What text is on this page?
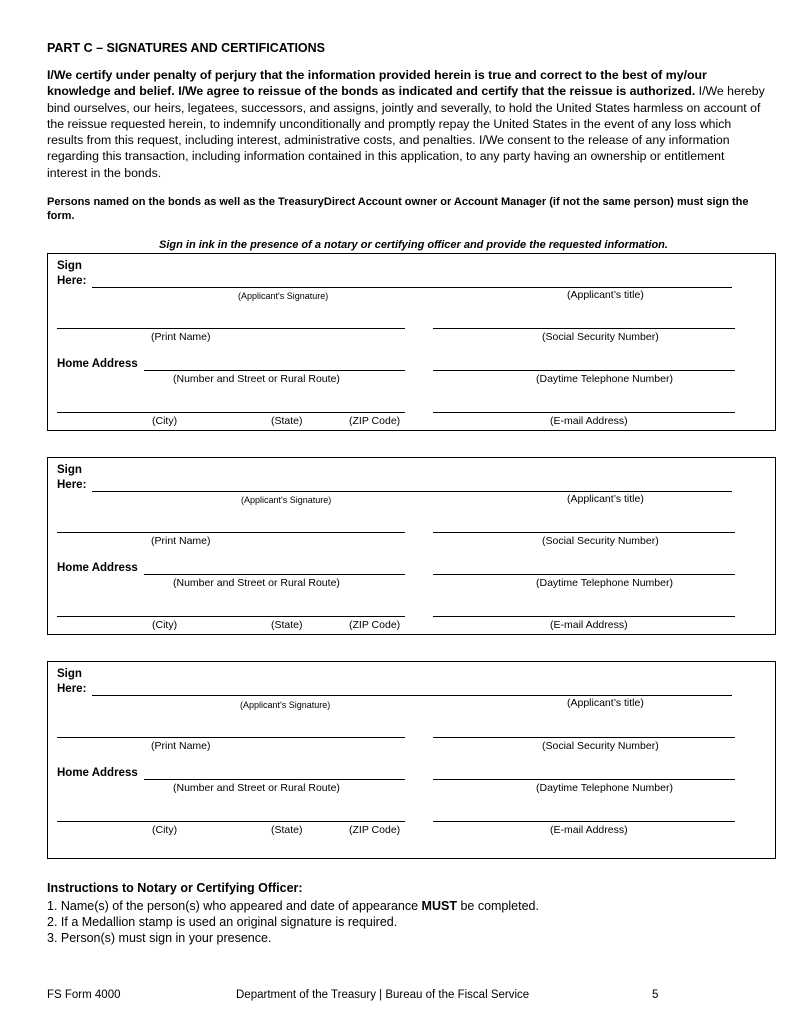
PART C – SIGNATURES AND CERTIFICATIONS
I/We certify under penalty of perjury that the information provided herein is true and correct to the best of my/our knowledge and belief. I/We agree to reissue of the bonds as indicated and certify that the reissue is authorized. I/We hereby bind ourselves, our heirs, legatees, successors, and assigns, jointly and severally, to hold the United States harmless on account of the reissue requested herein, to indemnify unconditionally and promptly repay the United States in the event of any loss which results from this request, including interest, administrative costs, and penalties. I/We consent to the release of any information regarding this transaction, including information contained in this application, to any party having an ownership or entitlement interest in the bonds.
Persons named on the bonds as well as the TreasuryDirect Account owner or Account Manager (if not the same person) must sign the form.
Sign in ink in the presence of a notary or certifying officer and provide the requested information.
Sign
Here:
(Applicant's Signature)	(Applicant’s title)
(Print Name)	(Social Security Number)
Home Address
(Number and Street or Rural Route)	(Daytime Telephone Number)
(City)	(State)	(ZIP Code)	(E-mail Address)
Sign
Here:
(Applicant's Signature)	(Applicant’s title)
(Print Name)	(Social Security Number)
Home Address
(Number and Street or Rural Route)	(Daytime Telephone Number)
(City)	(State)	(ZIP Code)	(E-mail Address)
Sign
Here:
(Applicant's Signature)	(Applicant’s title)
(Print Name)	(Social Security Number)
Home Address
(Number and Street or Rural Route)	(Daytime Telephone Number)
(City)	(State)	(ZIP Code)	(E-mail Address)
Instructions to Notary or Certifying Officer:
1. Name(s) of the person(s) who appeared and date of appearance MUST be completed.
2. If a Medallion stamp is used an original signature is required.
3. Person(s) must sign in your presence.
FS Form 4000	Department of the Treasury | Bureau of the Fiscal Service	5
